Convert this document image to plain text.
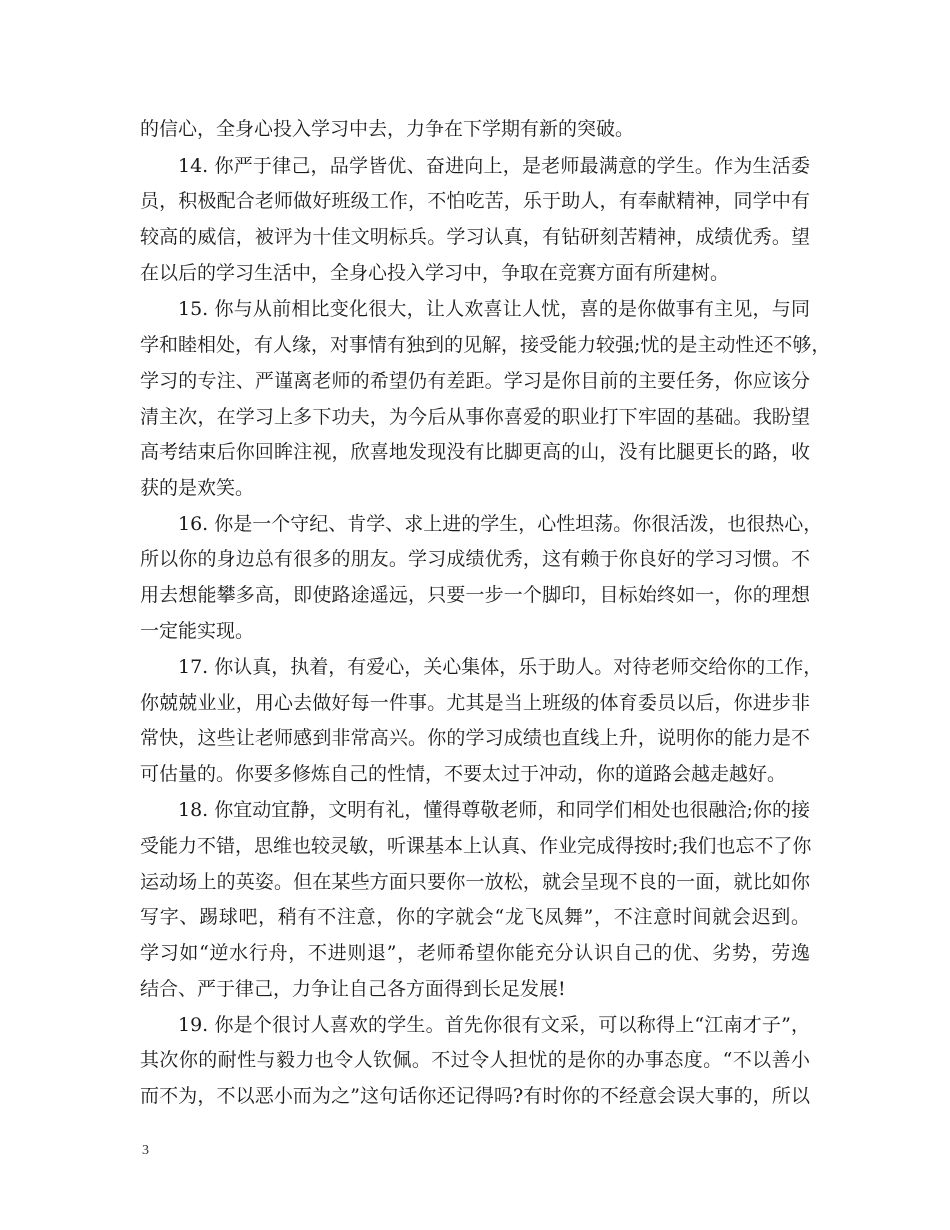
的信心，全身心投入学习中去，力争在下学期有新的突破。
14. 你严于律己，品学皆优、奋进向上，是老师最满意的学生。作为生活委
员，积极配合老师做好班级工作，不怕吃苦，乐于助人，有奉献精神，同学中有
较高的威信，被评为十佳文明标兵。学习认真，有钻研刻苦精神，成绩优秀。望
在以后的学习生活中，全身心投入学习中，争取在竞赛方面有所建树。
15. 你与从前相比变化很大，让人欢喜让人忧，喜的是你做事有主见，与同
学和睦相处，有人缘，对事情有独到的见解，接受能力较强;忧的是主动性还不够，
学习的专注、严谨离老师的希望仍有差距。学习是你目前的主要任务，你应该分
清主次，在学习上多下功夫，为今后从事你喜爱的职业打下牢固的基础。我盼望
高考结束后你回眸注视，欣喜地发现没有比脚更高的山，没有比腿更长的路，收
获的是欢笑。
16. 你是一个守纪、肯学、求上进的学生，心性坦荡。你很活泼，也很热心，
所以你的身边总有很多的朋友。学习成绩优秀，这有赖于你良好的学习习惯。不
用去想能攀多高，即使路途遥远，只要一步一个脚印，目标始终如一，你的理想
一定能实现。
17. 你认真，执着，有爱心，关心集体，乐于助人。对待老师交给你的工作，
你兢兢业业，用心去做好每一件事。尤其是当上班级的体育委员以后，你进步非
常快，这些让老师感到非常高兴。你的学习成绩也直线上升，说明你的能力是不
可估量的。你要多修炼自己的性情，不要太过于冲动，你的道路会越走越好。
18. 你宜动宜静，文明有礼，懂得尊敬老师，和同学们相处也很融洽;你的接
受能力不错，思维也较灵敏，听课基本上认真、作业完成得按时;我们也忘不了你
运动场上的英姿。但在某些方面只要你一放松，就会呈现不良的一面，就比如你
写字、踢球吧，稍有不注意，你的字就会“龙飞凤舞”，不注意时间就会迟到。
学习如“逆水行舟，不进则退”，老师希望你能充分认识自己的优、劣势，劳逸
结合、严于律己，力争让自己各方面得到长足发展!
19. 你是个很讨人喜欢的学生。首先你很有文采，可以称得上“江南才子”，
其次你的耐性与毅力也令人钦佩。不过令人担忧的是你的办事态度。“不以善小
而不为，不以恶小而为之”这句话你还记得吗?有时你的不经意会误大事的，所以
3
